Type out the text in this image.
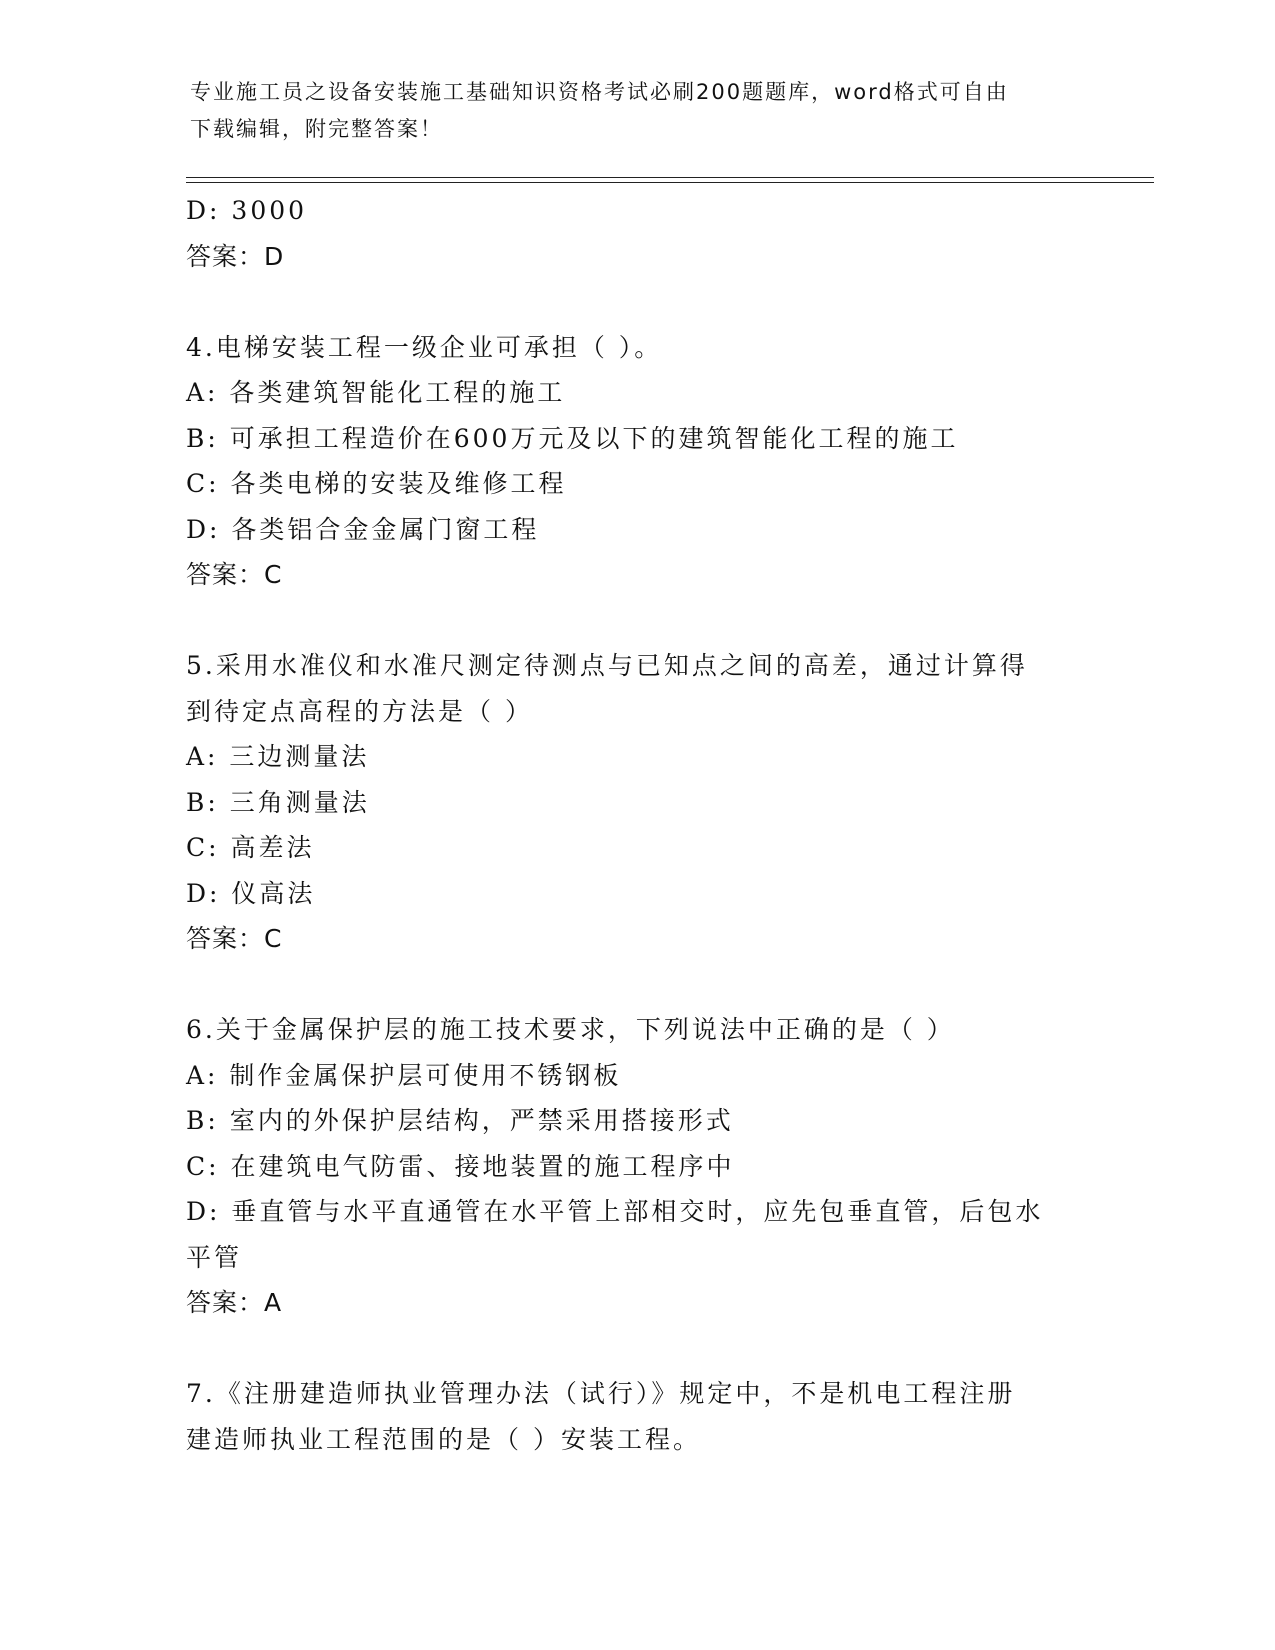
专业施工员之设备安装施工基础知识资格考试必刷200题题库，word格式可自由
下载编辑，附完整答案！
D: 3000
答案：D
4.电梯安装工程一级企业可承担（ ）。
A: 各类建筑智能化工程的施工
B: 可承担工程造价在600万元及以下的建筑智能化工程的施工
C: 各类电梯的安装及维修工程
D: 各类铝合金金属门窗工程
答案：C
5.采用水准仪和水准尺测定待测点与已知点之间的高差，通过计算得
到待定点高程的方法是（ ）
A: 三边测量法
B: 三角测量法
C: 高差法
D: 仪高法
答案：C
6.关于金属保护层的施工技术要求，下列说法中正确的是（ ）
A: 制作金属保护层可使用不锈钢板
B: 室内的外保护层结构，严禁采用搭接形式
C: 在建筑电气防雷、接地装置的施工程序中
D: 垂直管与水平直通管在水平管上部相交时，应先包垂直管，后包水
平管
答案：A
7.《注册建造师执业管理办法（试行）》规定中，不是机电工程注册
建造师执业工程范围的是（ ）安装工程。
